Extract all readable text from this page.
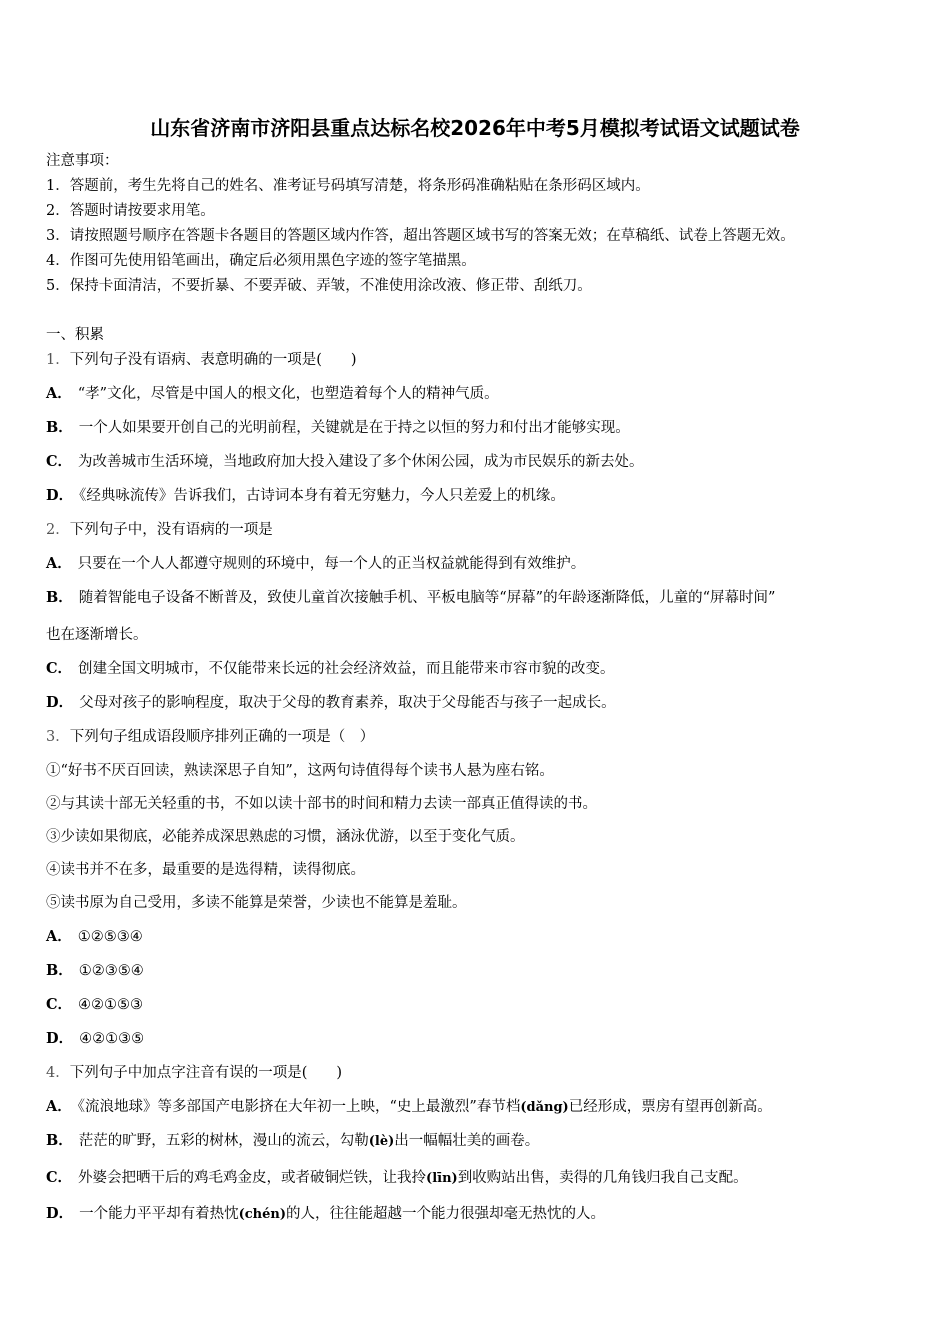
山东省济南市济阳县重点达标名校2026年中考5月模拟考试语文试题试卷
注意事项：
1．答题前，考生先将自己的姓名、准考证号码填写清楚，将条形码准确粘贴在条形码区域内。
2．答题时请按要求用笔。
3．请按照题号顺序在答题卡各题目的答题区域内作答，超出答题区域书写的答案无效；在草稿纸、试卷上答题无效。
4．作图可先使用铅笔画出，确定后必须用黑色字迹的签字笔描黑。
5．保持卡面清洁，不要折暴、不要弄破、弄皱，不准使用涂改液、修正带、刮纸刀。
一、积累
1．下列句子没有语病、表意明确的一项是(　　)
A． “孝”文化，尽管是中国人的根文化，也塑造着每个人的精神气质。
B． 一个人如果要开创自己的光明前程，关键就是在于持之以恒的努力和付出才能够实现。
C． 为改善城市生活环境，当地政府加大投入建设了多个休闲公园，成为市民娱乐的新去处。
D． 《经典咏流传》告诉我们，古诗词本身有着无穷魅力，今人只差爱上的机缘。
2．下列句子中，没有语病的一项是
A． 只要在一个人人都遵守规则的环境中，每一个人的正当权益就能得到有效维护。
B． 随着智能电子设备不断普及，致使儿童首次接触手机、平板电脑等“屏幕”的年龄逐渐降低，儿童的“屏幕时间”
也在逐渐增长。
C． 创建全国文明城市，不仅能带来长远的社会经济效益，而且能带来市容市貌的改变。
D． 父母对孩子的影响程度，取决于父母的教育素养，取决于父母能否与孩子一起成长。
3．下列句子组成语段顺序排列正确的一项是（　）
①“好书不厌百回读，熟读深思子自知”，这两句诗值得每个读书人悬为座右铭。
②与其读十部无关轻重的书，不如以读十部书的时间和精力去读一部真正值得读的书。
③少读如果彻底，必能养成深思熟虑的习惯，涵泳优游，以至于变化气质。
④读书并不在多，最重要的是选得精，读得彻底。
⑤读书原为自己受用，多读不能算是荣誉，少读也不能算是羞耻。
A． ①②⑤③④
B． ①②③⑤④
C． ④②①⑤③
D． ④②①③⑤
4．下列句子中加点字注音有误的一项是(　　)
A． 《流浪地球》等多部国产电影挤在大年初一上映，“史上最激烈”春节档(dǎng)已经形成，票房有望再创新高。
B． 茫茫的旷野，五彩的树林，漫山的流云，勾勒(lè)出一幅幅壮美的画卷。
C． 外婆会把晒干后的鸡毛鸡金皮，或者破铜烂铁，让我拎(līn)到收购站出售，卖得的几角钱归我自己支配。
D． 一个能力平平却有着热忱(chén)的人，往往能超越一个能力很强却毫无热忱的人。
